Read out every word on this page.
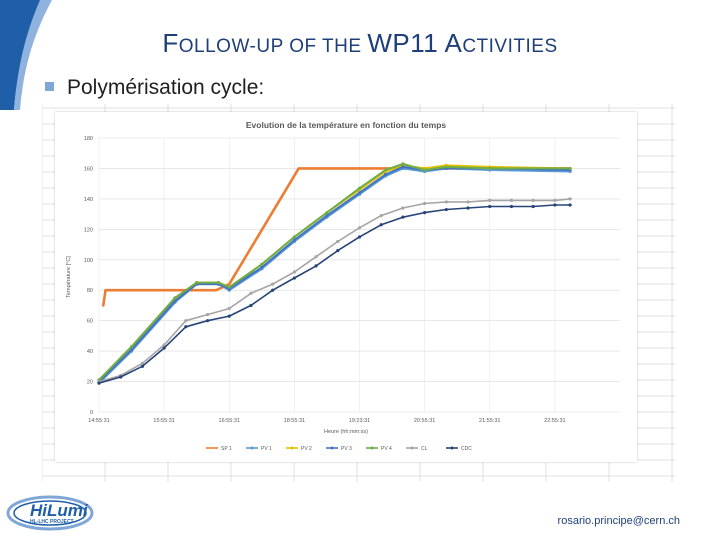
FOLLOW-UP OF THE WP11 ACTIVITIES
Polymérisation cycle:
Evolution de la température en fonction du temps
0
20
40
60
80
100
120
140
160
180
14:55:31	15:55:31	16:55:31	18:55:31	19:23:31	20:55:31	21:55:31	22:55:31
Température [°C]
Heure (hh:mm:ss)
SP 1	PV 1	PV 2	PV 3	PV 4	CL	CDC
HiLumi
HL-LHC PROJECT	rosario.principe@cern.ch
